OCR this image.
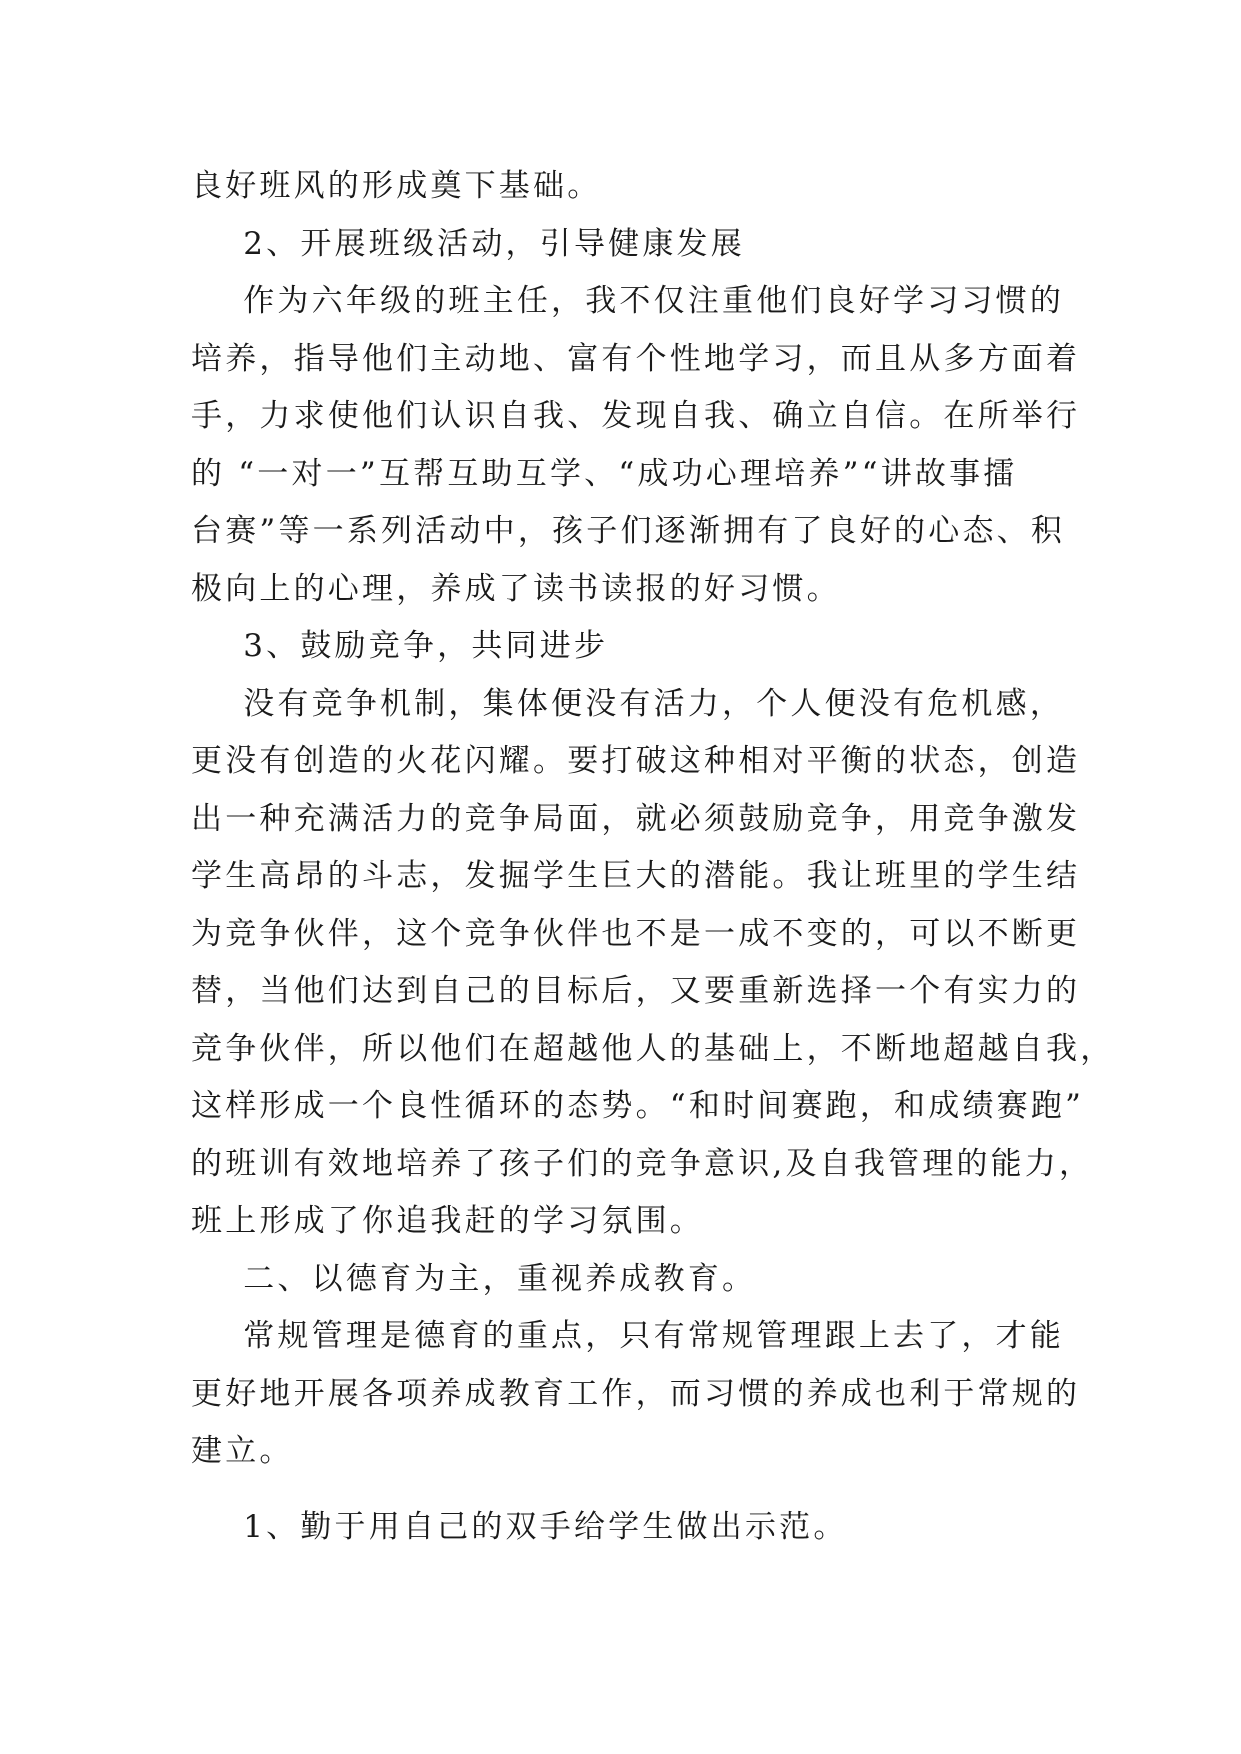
良好班风的形成奠下基础。
2、开展班级活动，引导健康发展
作为六年级的班主任，我不仅注重他们良好学习习惯的
培养，指导他们主动地、富有个性地学习，而且从多方面着
手，力求使他们认识自我、发现自我、确立自信。在所举行
的 “一对一”互帮互助互学、“成功心理培养”“讲故事擂
台赛”等一系列活动中，孩子们逐渐拥有了良好的心态、积
极向上的心理，养成了读书读报的好习惯。
3、鼓励竞争，共同进步
没有竞争机制，集体便没有活力，个人便没有危机感，
更没有创造的火花闪耀。要打破这种相对平衡的状态，创造
出一种充满活力的竞争局面，就必须鼓励竞争，用竞争激发
学生高昂的斗志，发掘学生巨大的潜能。我让班里的学生结
为竞争伙伴，这个竞争伙伴也不是一成不变的，可以不断更
替，当他们达到自己的目标后，又要重新选择一个有实力的
竞争伙伴，所以他们在超越他人的基础上，不断地超越自我，
这样形成一个良性循环的态势。“和时间赛跑，和成绩赛跑”
的班训有效地培养了孩子们的竞争意识,及自我管理的能力，
班上形成了你追我赶的学习氛围。
二、以德育为主，重视养成教育。
常规管理是德育的重点，只有常规管理跟上去了，才能
更好地开展各项养成教育工作，而习惯的养成也利于常规的
建立。
1、勤于用自己的双手给学生做出示范。
